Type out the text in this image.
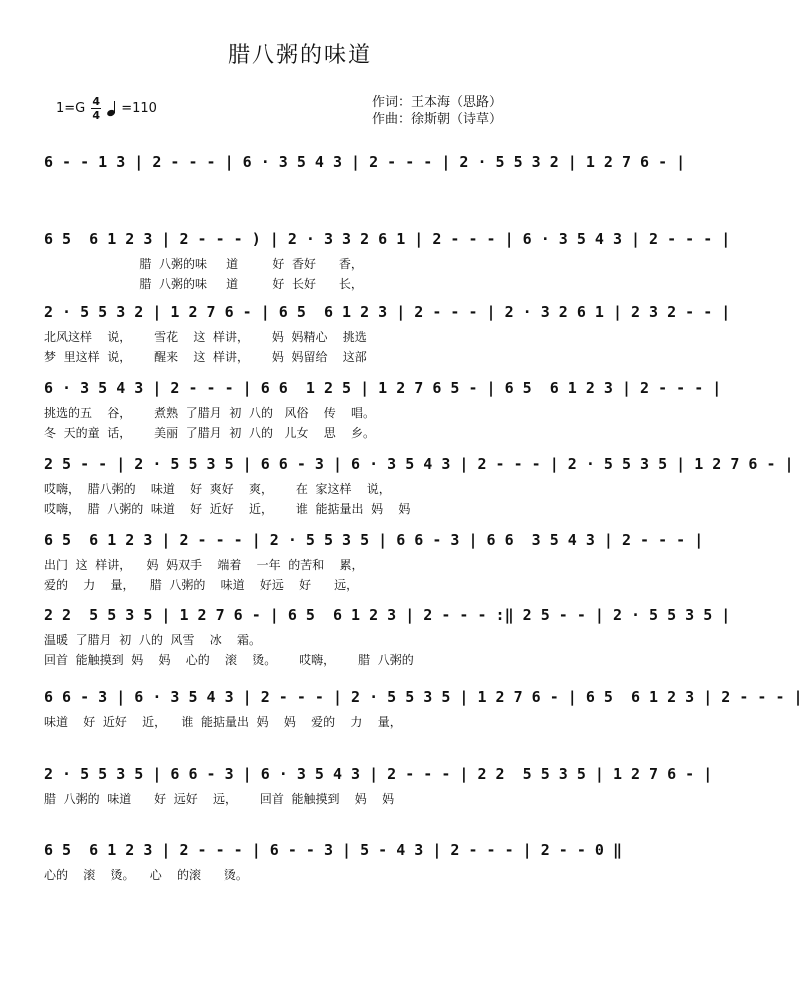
腊八粥的味道
$1=G \frac{4}{4} =110$	作词：王本海（思路）
作曲：徐斯朝（诗草）
6 - - 1 3 | 2 - - - | 6 · 3 5 4 3 | 2 - - - | 2 · 5 5 3 2 | 1 2 7 6 - |
6 5  6 1 2 3 | 2 - - - ) | 2 · 3 3 2 6 1 | 2 - - - | 6 · 3 5 4 3 | 2 - - - |
腊  八粥的味     道         好  香好      香，
腊  八粥的味     道         好  长好      长，
2 · 5 5 3 2 | 1 2 7 6 - | 6 5  6 1 2 3 | 2 - - - | 2 · 3 2 6 1 | 2 3 2 - - |
北风这样    说，      雪花    这  样讲，      妈  妈精心    挑选
梦  里这样  说，      醒来    这  样讲，      妈  妈留给    这部
6 · 3 5 4 3 | 2 - - - | 6 6  1 2 5 | 1 2 7 6 5 - | 6 5  6 1 2 3 | 2 - - - |
挑选的五    谷，      煮熟  了腊月  初  八的   风俗    传    唱。
冬  天的童  话，      美丽  了腊月  初  八的   儿女    思    乡。
2 5 - - | 2 · 5 5 3 5 | 6 6 - 3 | 6 · 3 5 4 3 | 2 - - - | 2 · 5 5 3 5 | 1 2 7 6 - |
哎嗨，  腊八粥的    味道    好  爽好    爽，      在  家这样    说，
哎嗨，  腊  八粥的  味道    好  近好    近，      谁  能掂量出  妈    妈
6 5  6 1 2 3 | 2 - - - | 2 · 5 5 3 5 | 6 6 - 3 | 6 6  3 5 4 3 | 2 - - - |
出门  这  样讲，    妈  妈双手    端着    一年  的苦和    累，
爱的    力    量，    腊  八粥的    味道    好远    好      远，
2 2  5 5 3 5 | 1 2 7 6 - | 6 5  6 1 2 3 | 2 - - - :‖ 2 5 - - | 2 · 5 5 3 5 |
温暖  了腊月  初  八的  风雪    冰    霜。
回首  能触摸到  妈    妈    心的    滚    烫。      哎嗨，      腊  八粥的
6 6 - 3 | 6 · 3 5 4 3 | 2 - - - | 2 · 5 5 3 5 | 1 2 7 6 - | 6 5  6 1 2 3 | 2 - - - |
味道    好  近好    近，    谁  能掂量出  妈    妈    爱的    力    量，
2 · 5 5 3 5 | 6 6 - 3 | 6 · 3 5 4 3 | 2 - - - | 2 2  5 5 3 5 | 1 2 7 6 - |
腊  八粥的  味道      好  远好    远，      回首  能触摸到    妈    妈
6 5  6 1 2 3 | 2 - - - | 6 - - 3 | 5 - 4 3 | 2 - - - | 2 - - 0 ‖
心的    滚    烫。    心    的滚      烫。
